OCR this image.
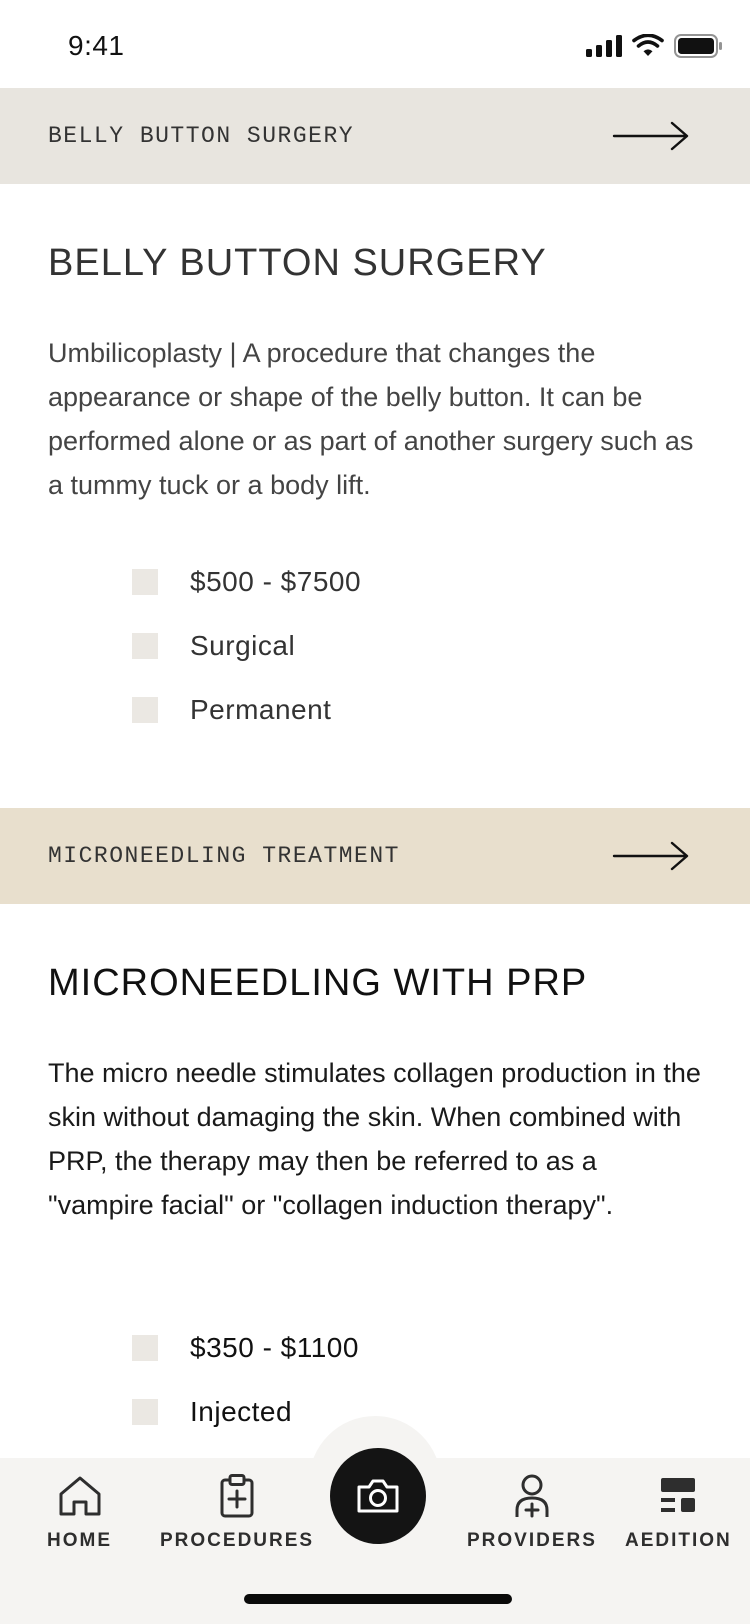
9:41
BELLY BUTTON SURGERY
BELLY BUTTON SURGERY
Umbilicoplasty | A procedure that changes the appearance or shape of the belly button. It can be performed alone or as part of another surgery such as a tummy tuck or a body lift.
$500 - $7500
Surgical
Permanent
MICRONEEDLING TREATMENT
MICRONEEDLING WITH PRP
The micro needle stimulates collagen production in the skin without damaging the skin. When combined with PRP, the therapy may then be referred to as a "vampire facial" or "collagen induction therapy".
$350 - $1100
Injected
HOME	PROCEDURES	PROVIDERS AEDITION
